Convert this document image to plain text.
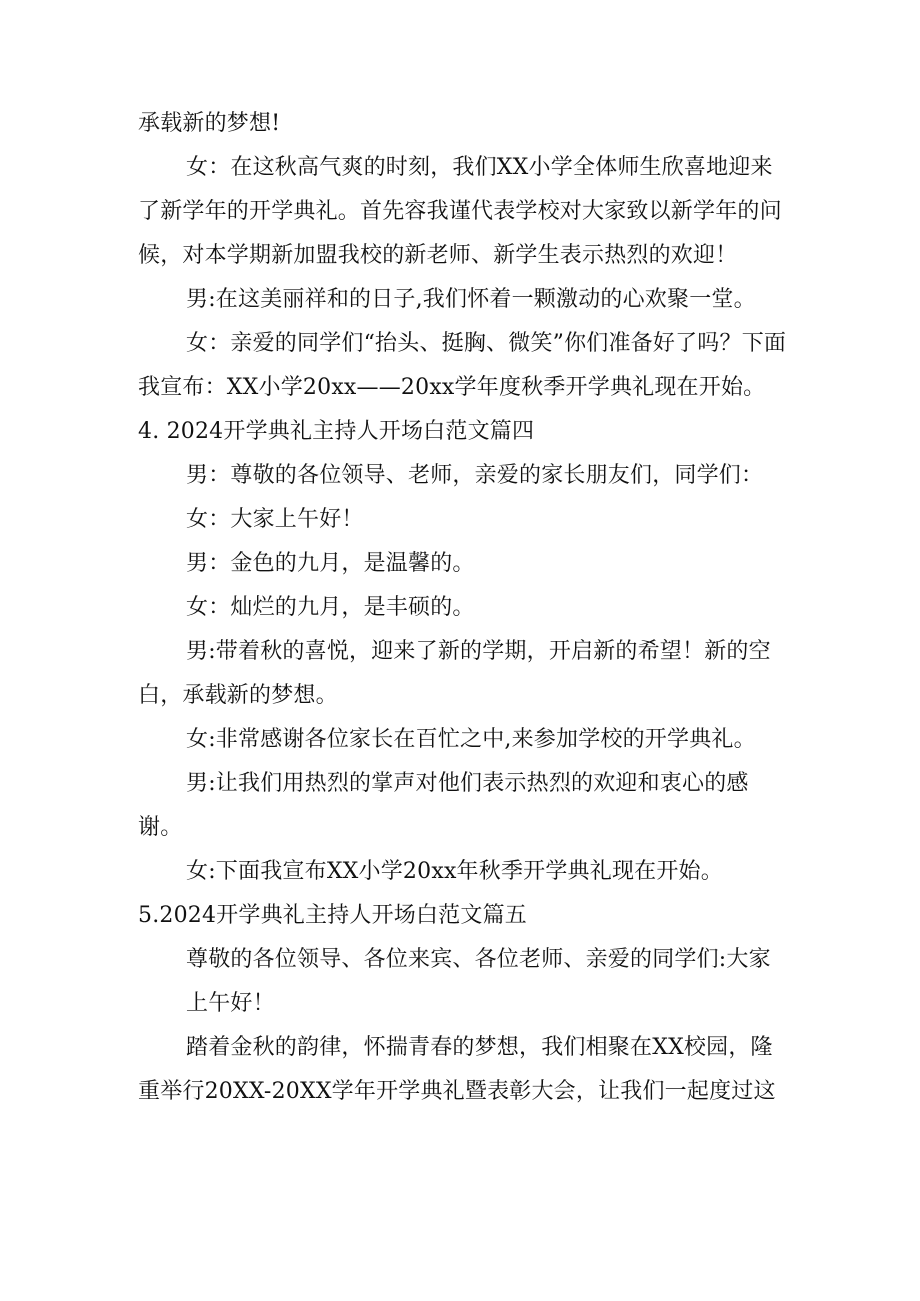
承载新的梦想!

女：在这秋高气爽的时刻，我们XX小学全体师生欣喜地迎来了新学年的开学典礼。首先容我谨代表学校对大家致以新学年的问候，对本学期新加盟我校的新老师、新学生表示热烈的欢迎！

男:在这美丽祥和的日子,我们怀着一颗激动的心欢聚一堂。

女：亲爱的同学们“抬头、挺胸、微笑”你们准备好了吗？下面我宣布：XX小学20xx——20xx学年度秋季开学典礼现在开始。

4. 2024开学典礼主持人开场白范文篇四

男：尊敬的各位领导、老师，亲爱的家长朋友们，同学们：

女：大家上午好！

男：金色的九月，是温馨的。

女：灿烂的九月，是丰硕的。

男:带着秋的喜悦，迎来了新的学期，开启新的希望！新的空白，承载新的梦想。

女:非常感谢各位家长在百忙之中,来参加学校的开学典礼。

男:让我们用热烈的掌声对他们表示热烈的欢迎和衷心的感谢。

女:下面我宣布XX小学20xx年秋季开学典礼现在开始。

5.2024开学典礼主持人开场白范文篇五

尊敬的各位领导、各位来宾、各位老师、亲爱的同学们:大家上午好！

踏着金秋的韵律，怀揣青春的梦想，我们相聚在XX校园，隆重举行20XX-20XX学年开学典礼暨表彰大会，让我们一起度过这
